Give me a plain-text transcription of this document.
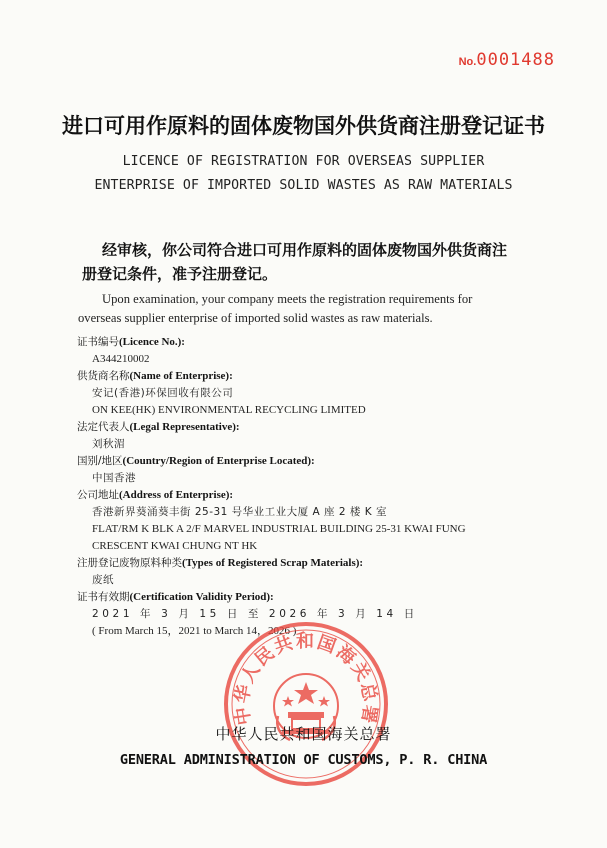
No.0001488
进口可用作原料的固体废物国外供货商注册登记证书
LICENCE OF REGISTRATION FOR OVERSEAS SUPPLIER
ENTERPRISE OF IMPORTED SOLID WASTES AS RAW MATERIALS
经审核，你公司符合进口可用作原料的固体废物国外供货商注
册登记条件，准予注册登记。
Upon examination, your company meets the registration requirements for
overseas supplier enterprise of imported solid wastes as raw materials.
证书编号(Licence No.):
A344210002
供货商名称(Name of Enterprise):
安记(香港)环保回收有限公司
ON KEE(HK) ENVIRONMENTAL RECYCLING LIMITED
法定代表人(Legal Representative):
刘秋湄
国别/地区(Country/Region of Enterprise Located):
中国香港
公司地址(Address of Enterprise):
香港新界葵涌葵丰街 25-31 号华业工业大厦 A 座 2 楼 K 室
FLAT/RM K BLK A 2/F MARVEL INDUSTRIAL BUILDING 25-31 KWAI FUNG
CRESCENT KWAI CHUNG NT HK
注册登记废物原料种类(Types of Registered Scrap Materials):
废纸
证书有效期(Certification Validity Period):
2021 年 3 月 15 日 至 2026 年 3 月 14 日
( From March 15，2021 to March 14，2026 )
中华人民共和国海关总署
中华人民共和国海关总署
GENERAL ADMINISTRATION OF CUSTOMS, P. R. CHINA
